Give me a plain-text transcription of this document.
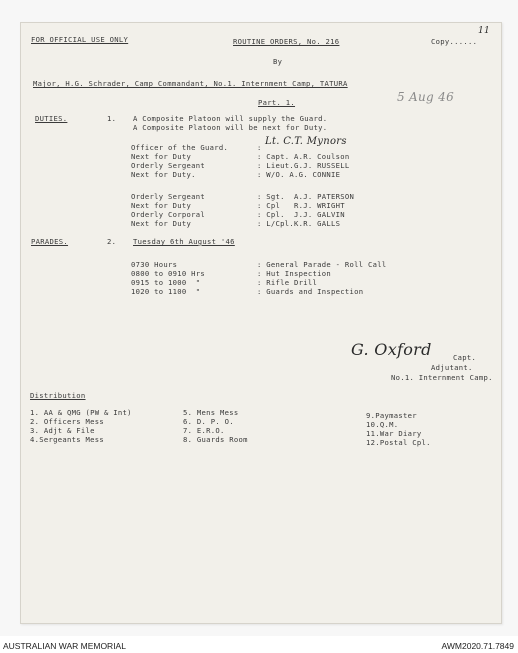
FOR OFFICIAL USE ONLY	ROUTINE ORDERS, No. 216	Copy......
11
By
Major, H.G. Schrader, Camp Commandant, No.1. Internment Camp, TATURA
Part. 1.	5 Aug 46
DUTIES.	1. A Composite Platoon will supply the Guard.
A Composite Platoon will be next for Duty.
Officer of the Guard.	:
Lt. C.T. Mynors
Next for Duty	: Capt. A.R. Coulson
Orderly Sergeant	: Lieut.G.J. RUSSELL
Next for Duty.	: W/O. A.G. CONNIE
Orderly Sergeant	: Sgt.  A.J. PATERSON
Next for Duty	: Cpl   R.J. WRIGHT
Orderly Corporal	: Cpl.  J.J. GALVIN
Next for Duty	: L/Cpl.K.R. GALLS
PARADES.	2. Tuesday 6th August '46
0730 Hours	: General Parade - Roll Call
0800 to 0910 Hrs	: Hut Inspection
0915 to 1000  "	: Rifle Drill
1020 to 1100  "	: Guards and Inspection
G. Oxford	Capt.
Adjutant.
No.1. Internment Camp.
Distribution
1. AA & QMG (PW & Int)
2. Officers Mess
3. Adjt & File
4.Sergeants Mess
5. Mens Mess
6. D. P. O.
7. E.R.O.
8. Guards Room
9.Paymaster
10.Q.M.
11.War Diary
12.Postal Cpl.
AUSTRALIAN WAR MEMORIAL	AWM2020.71.7849
